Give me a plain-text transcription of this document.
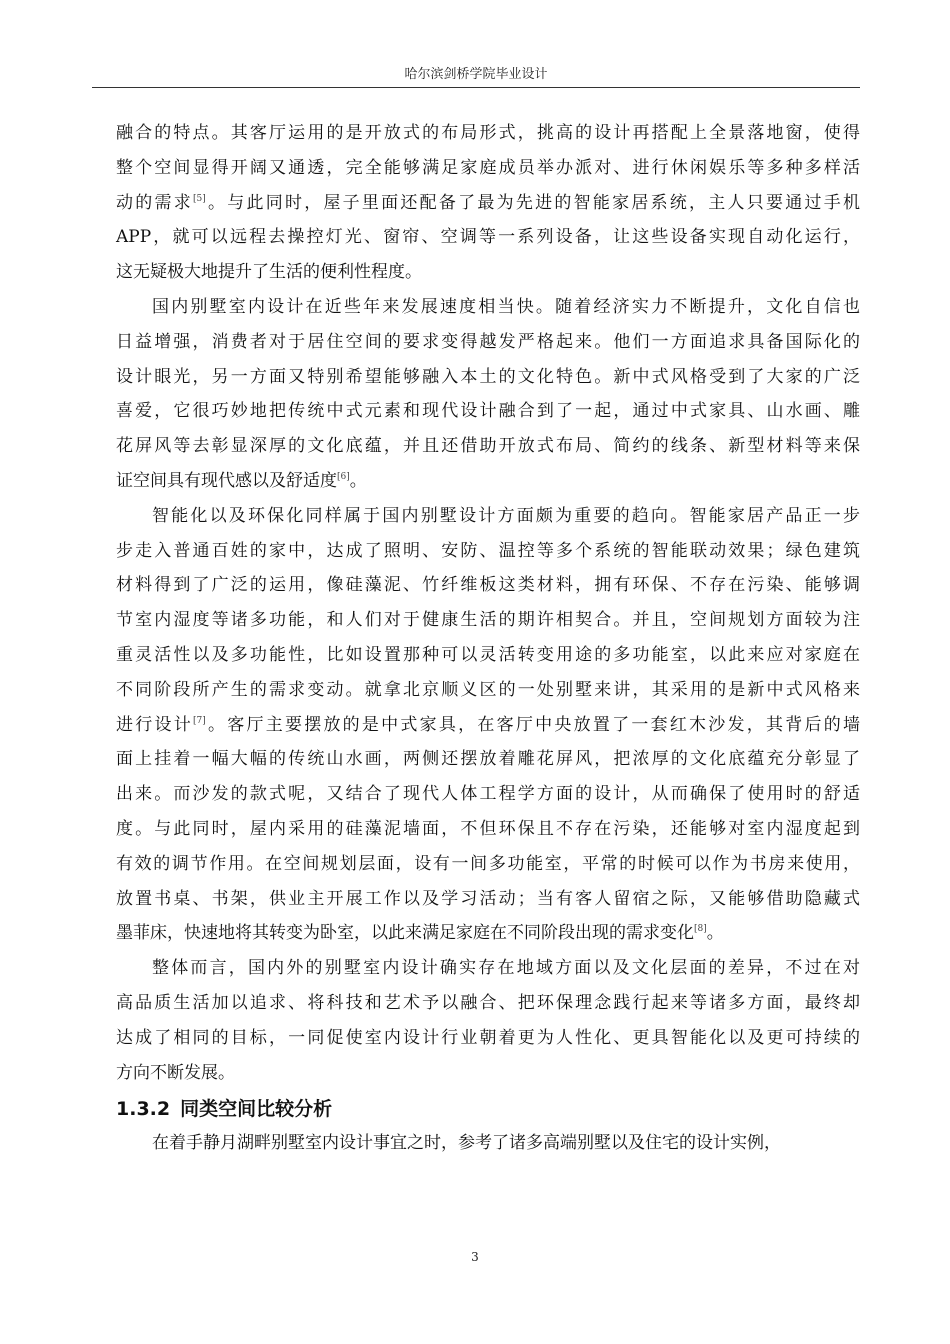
哈尔滨剑桥学院毕业设计

融合的特点。其客厅运用的是开放式的布局形式，挑高的设计再搭配上全景落地窗，使得
整个空间显得开阔又通透，完全能够满足家庭成员举办派对、进行休闲娱乐等多种多样活
动的需求[5]。与此同时，屋子里面还配备了最为先进的智能家居系统，主人只要通过手机
APP，就可以远程去操控灯光、窗帘、空调等一系列设备，让这些设备实现自动化运行，
这无疑极大地提升了生活的便利性程度。

国内别墅室内设计在近些年来发展速度相当快。随着经济实力不断提升，文化自信也
日益增强，消费者对于居住空间的要求变得越发严格起来。他们一方面追求具备国际化的
设计眼光，另一方面又特别希望能够融入本土的文化特色。新中式风格受到了大家的广泛
喜爱，它很巧妙地把传统中式元素和现代设计融合到了一起，通过中式家具、山水画、雕
花屏风等去彰显深厚的文化底蕴，并且还借助开放式布局、简约的线条、新型材料等来保
证空间具有现代感以及舒适度[6]。

智能化以及环保化同样属于国内别墅设计方面颇为重要的趋向。智能家居产品正一步
步走入普通百姓的家中，达成了照明、安防、温控等多个系统的智能联动效果；绿色建筑
材料得到了广泛的运用，像硅藻泥、竹纤维板这类材料，拥有环保、不存在污染、能够调
节室内湿度等诸多功能，和人们对于健康生活的期许相契合。并且，空间规划方面较为注
重灵活性以及多功能性，比如设置那种可以灵活转变用途的多功能室，以此来应对家庭在
不同阶段所产生的需求变动。就拿北京顺义区的一处别墅来讲，其采用的是新中式风格来
进行设计[7]。客厅主要摆放的是中式家具，在客厅中央放置了一套红木沙发，其背后的墙
面上挂着一幅大幅的传统山水画，两侧还摆放着雕花屏风，把浓厚的文化底蕴充分彰显了
出来。而沙发的款式呢，又结合了现代人体工程学方面的设计，从而确保了使用时的舒适
度。与此同时，屋内采用的硅藻泥墙面，不但环保且不存在污染，还能够对室内湿度起到
有效的调节作用。在空间规划层面，设有一间多功能室，平常的时候可以作为书房来使用，
放置书桌、书架，供业主开展工作以及学习活动；当有客人留宿之际，又能够借助隐藏式
墨菲床，快速地将其转变为卧室，以此来满足家庭在不同阶段出现的需求变化[8]。

整体而言，国内外的别墅室内设计确实存在地域方面以及文化层面的差异，不过在对
高品质生活加以追求、将科技和艺术予以融合、把环保理念践行起来等诸多方面，最终却
达成了相同的目标，一同促使室内设计行业朝着更为人性化、更具智能化以及更可持续的
方向不断发展。

1.3.2 同类空间比较分析

在着手静月湖畔别墅室内设计事宜之时，参考了诸多高端别墅以及住宅的设计实例，

3
